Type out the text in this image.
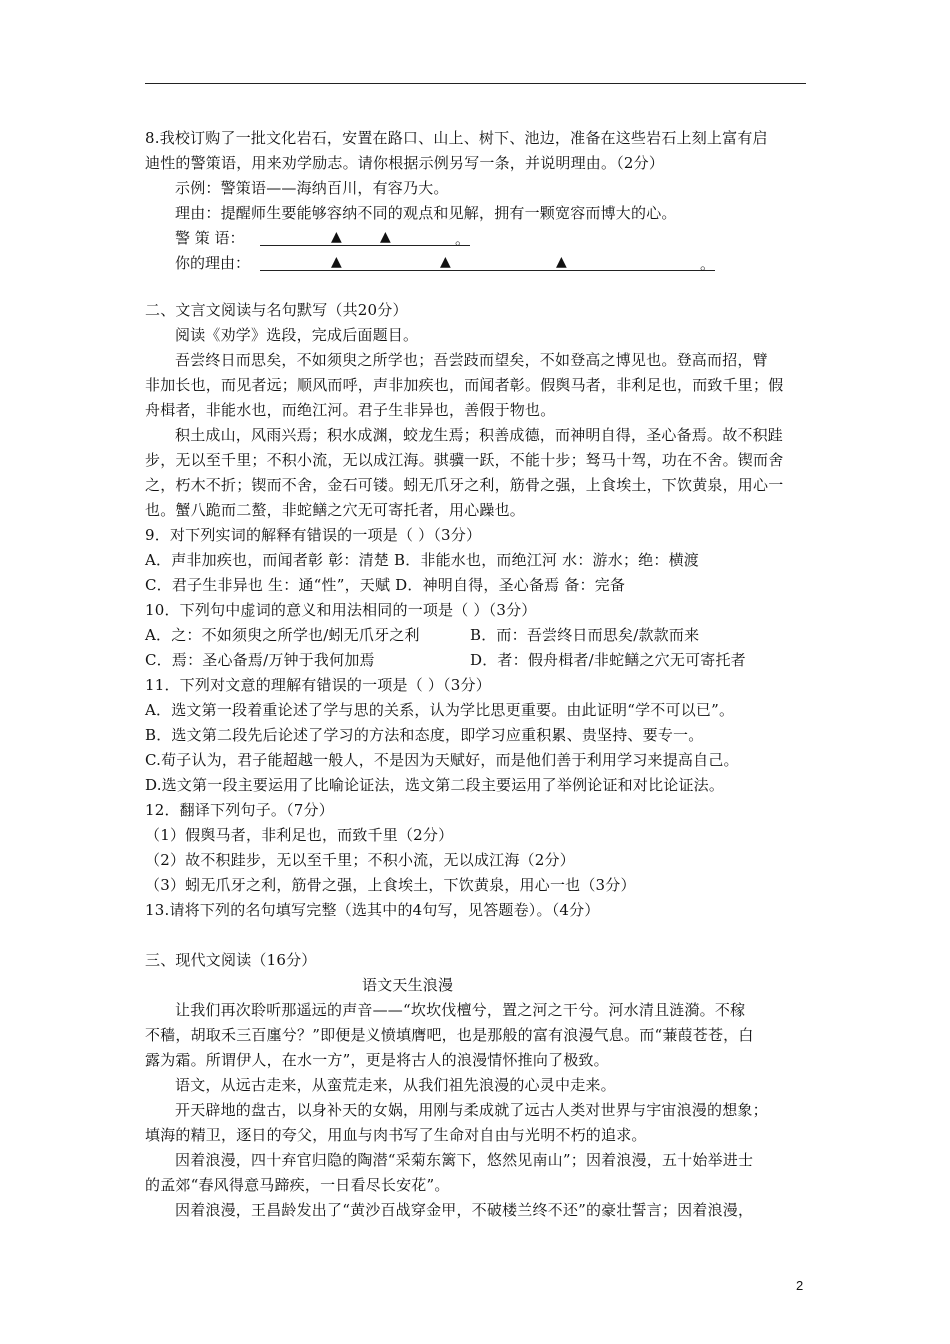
8.我校订购了一批文化岩石，安置在路口、山上、树下、池边，准备在这些岩石上刻上富有启
迪性的警策语，用来劝学励志。请你根据示例另写一条，并说明理由。（2分）
示例：警策语——海纳百川，有容乃大。
理由：提醒师生要能够容纳不同的观点和见解，拥有一颗宽容而博大的心。
警 策 语：	▲	▲	。
你的理由：	▲	▲	▲	。
二、文言文阅读与名句默写（共20分）
阅读《劝学》选段，完成后面题目。
吾尝终日而思矣，不如须臾之所学也；吾尝跂而望矣，不如登高之博见也。登高而招，臂
非加长也，而见者远；顺风而呼，声非加疾也，而闻者彰。假舆马者，非利足也，而致千里；假
舟楫者，非能水也，而绝江河。君子生非异也，善假于物也。
积土成山，风雨兴焉；积水成渊，蛟龙生焉；积善成德，而神明自得，圣心备焉。故不积跬
步，无以至千里；不积小流，无以成江海。骐骥一跃，不能十步；驽马十驾，功在不舍。锲而舍
之，朽木不折；锲而不舍，金石可镂。蚓无爪牙之利，筋骨之强，上食埃土，下饮黄泉，用心一
也。蟹八跪而二螯，非蛇鳝之穴无可寄托者，用心躁也。
9．对下列实词的解释有错误的一项是（ ）（3分）
A．声非加疾也，而闻者彰 彰：清楚 B．非能水也，而绝江河 水：游水；绝：横渡
C．君子生非异也 生：通“性”，天赋 D．神明自得，圣心备焉 备：完备
10．下列句中虚词的意义和用法相同的一项是（ ）（3分）
A．之：不如须臾之所学也/蚓无爪牙之利	B．而：吾尝终日而思矣/款款而来
C．焉：圣心备焉/万钟于我何加焉	D．者：假舟楫者/非蛇鳝之穴无可寄托者
11．下列对文意的理解有错误的一项是（ ）（3分）
A．选文第一段着重论述了学与思的关系，认为学比思更重要。由此证明“学不可以已”。
B．选文第二段先后论述了学习的方法和态度，即学习应重积累、贵坚持、要专一。
C.荀子认为，君子能超越一般人，不是因为天赋好，而是他们善于利用学习来提高自己。
D.选文第一段主要运用了比喻论证法，选文第二段主要运用了举例论证和对比论证法。
12．翻译下列句子。（7分）
（1）假舆马者，非利足也，而致千里（2分）
（2）故不积跬步，无以至千里；不积小流，无以成江海（2分）
（3）蚓无爪牙之利，筋骨之强，上食埃土，下饮黄泉，用心一也（3分）
13.请将下列的名句填写完整（选其中的4句写，见答题卷）。（4分）
三、现代文阅读（16分）
语文天生浪漫
让我们再次聆听那遥远的声音——“坎坎伐檀兮，置之河之干兮。河水清且涟漪。不稼
不穑，胡取禾三百廛兮？”即便是义愤填膺吧，也是那般的富有浪漫气息。而“蒹葭苍苍，白
露为霜。所谓伊人，在水一方”，更是将古人的浪漫情怀推向了极致。
语文，从远古走来，从蛮荒走来，从我们祖先浪漫的心灵中走来。
开天辟地的盘古，以身补天的女娲，用刚与柔成就了远古人类对世界与宇宙浪漫的想象；
填海的精卫，逐日的夸父，用血与肉书写了生命对自由与光明不朽的追求。
因着浪漫，四十弃官归隐的陶潜“采菊东篱下，悠然见南山”；因着浪漫，五十始举进士
的孟郊“春风得意马蹄疾，一日看尽长安花”。
因着浪漫，王昌龄发出了“黄沙百战穿金甲，不破楼兰终不还”的豪壮誓言；因着浪漫，
2
